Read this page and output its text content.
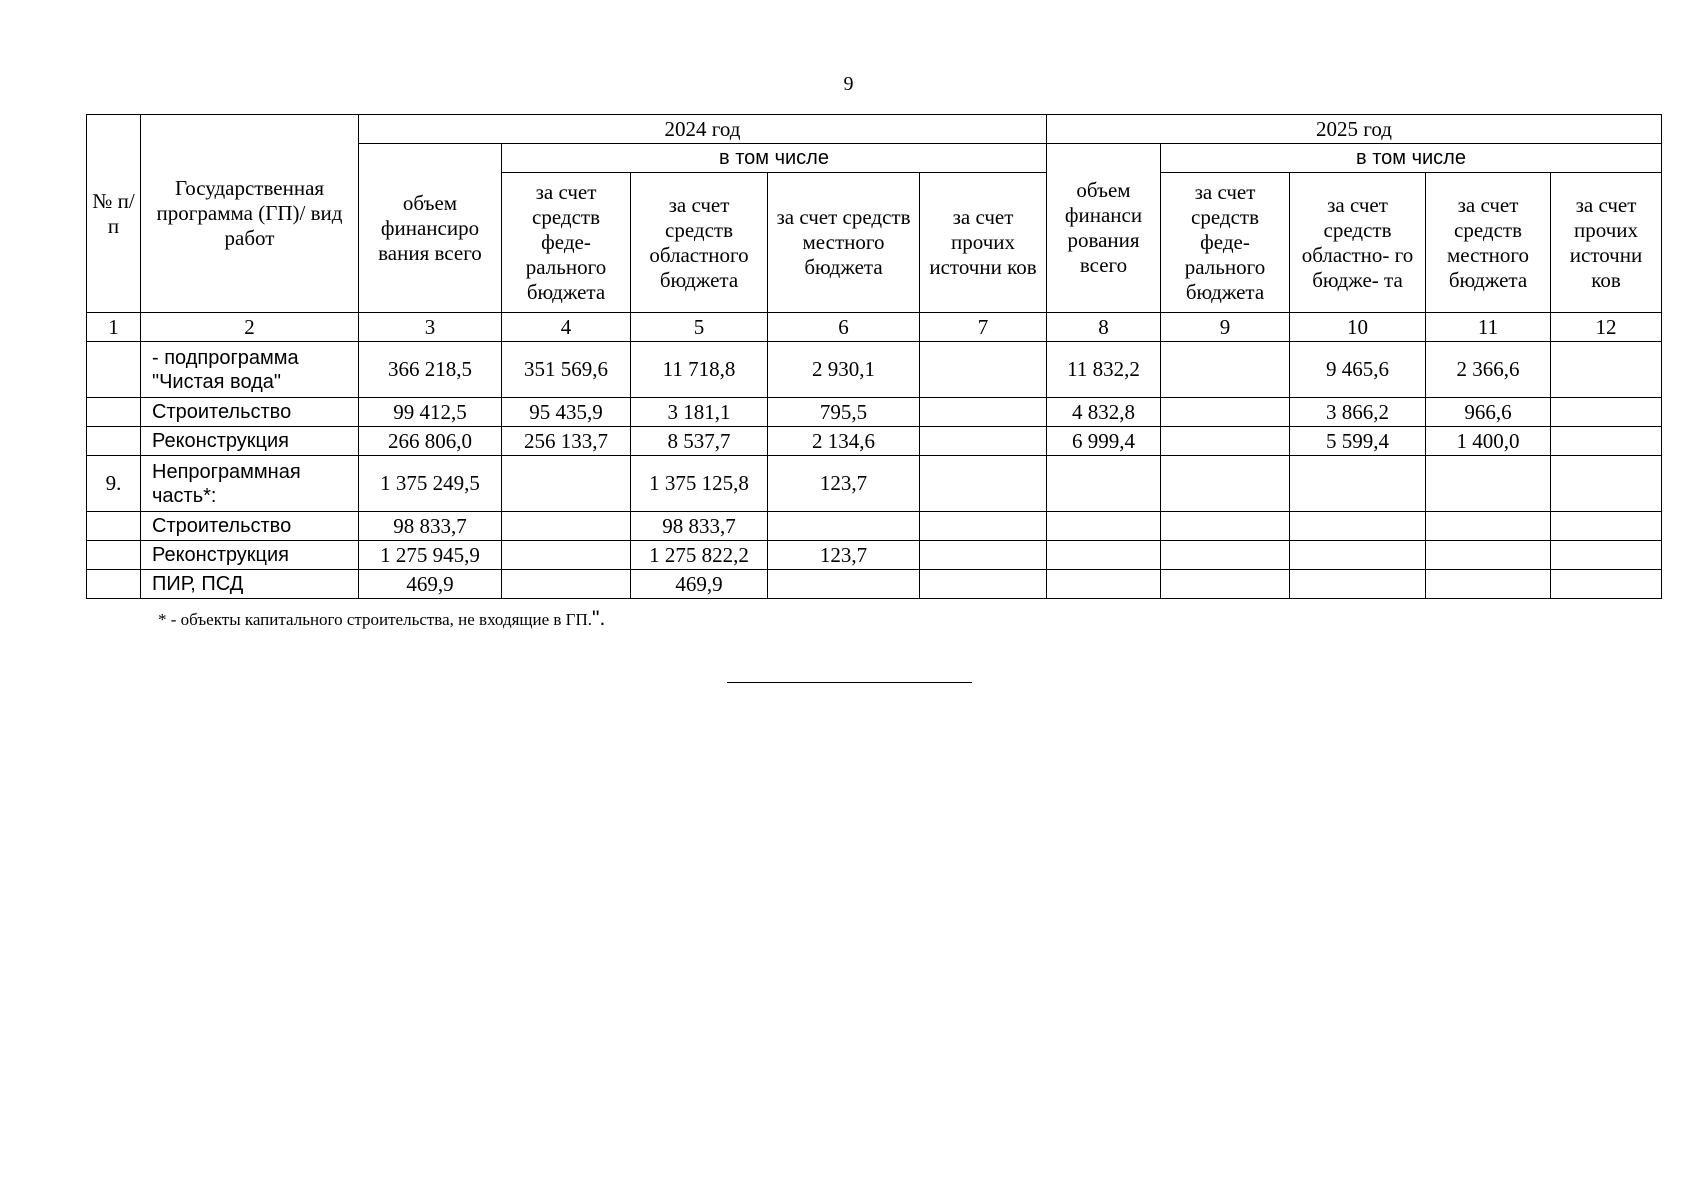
9
№ п/п	Государственная программа (ГП)/ вид работ	2024 год					2025 год				
		объем финансиро вания всего	в том числе				объем финанси рования всего	в том числе			
			за счет средств феде- рального бюджета	за счет средств областного бюджета	за счет средств местного бюджета	за счет прочих источни ков		за счет средств феде- рального бюджета	за счет средств областно- го бюдже- та	за счет средств местного бюджета	за счет прочих источни ков
1	2	3	4	5	6	7	8	9	10	11	12
	- подпрограмма "Чистая вода"	366 218,5	351 569,6	11 718,8	2 930,1		11 832,2		9 465,6	2 366,6	
	Строительство	99 412,5	95 435,9	3 181,1	795,5		4 832,8		3 866,2	966,6	
	Реконструкция	266 806,0	256 133,7	8 537,7	2 134,6		6 999,4		5 599,4	1 400,0	
9.	Непрограммная часть*:	1 375 249,5		1 375 125,8	123,7						
	Строительство	98 833,7		98 833,7							
	Реконструкция	1 275 945,9		1 275 822,2	123,7						
	ПИР, ПСД	469,9		469,9							
* - объекты капитального строительства, не входящие в ГП.".
